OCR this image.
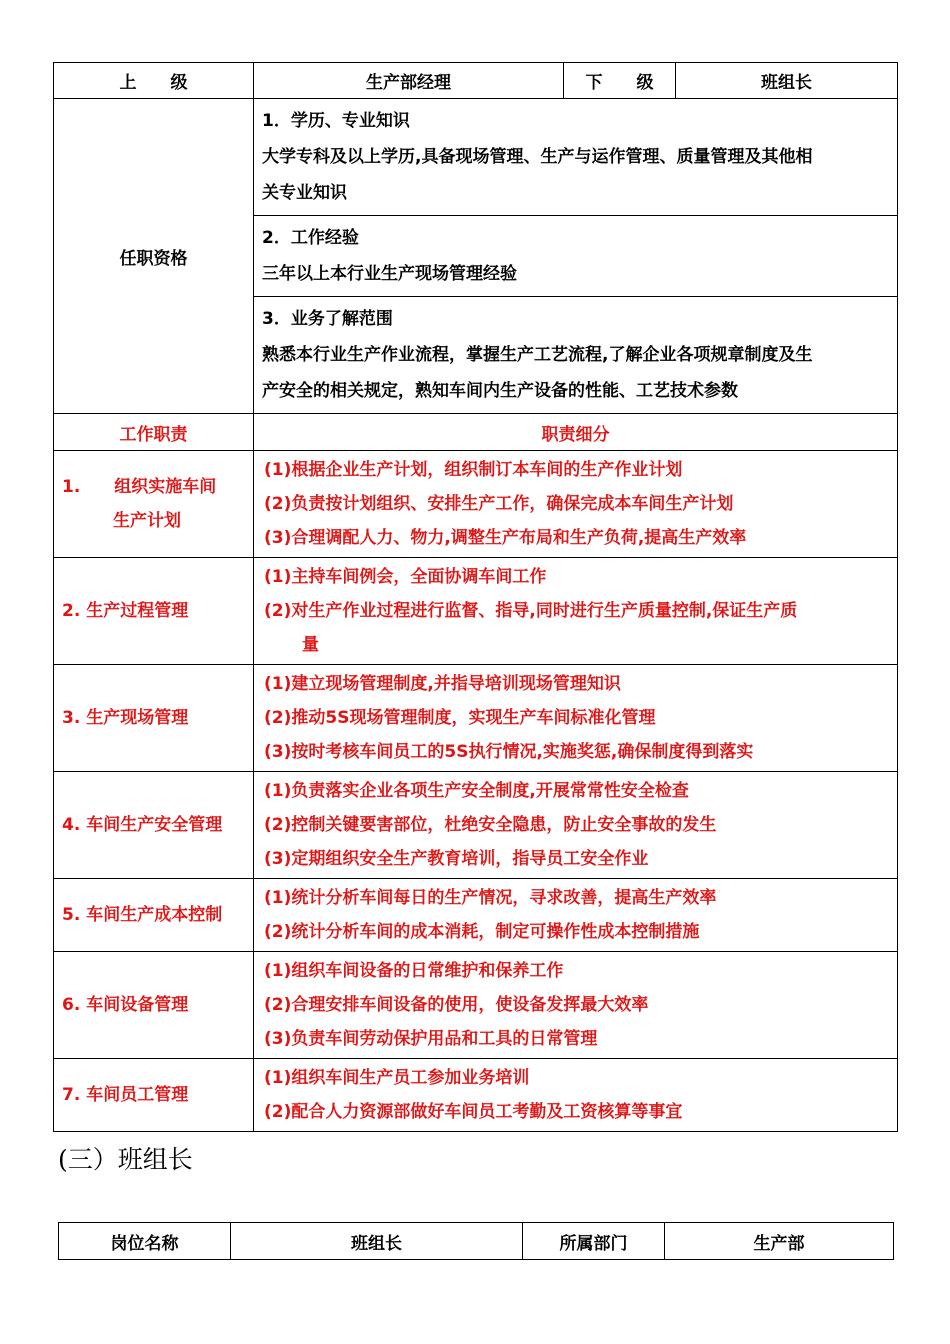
上　　级	生产部经理	下　　级	班组长
任职资格	1．学历、专业知识
大学专科及以上学历,具备现场管理、生产与运作管理、质量管理及其他相
关专业知识		

	2．工作经验
三年以上本行业生产现场管理经验		

	3．业务了解范围
熟悉本行业生产作业流程，掌握生产工艺流程,了解企业各项规章制度及生
产安全的相关规定，熟知车间内生产设备的性能、工艺技术参数		

工作职责	职责细分		

1.　　组织实施车间
　　　生产计划	(1)根据企业生产计划，组织制订本车间的生产作业计划
(2)负责按计划组织、安排生产工作，确保完成本车间生产计划
(3)合理调配人力、物力,调整生产布局和生产负荷,提高生产效率		

2. 生产过程管理	(1)主持车间例会，全面协调车间工作
(2)对生产作业过程进行监督、指导,同时进行生产质量控制,保证生产质
量		

3. 生产现场管理	(1)建立现场管理制度,并指导培训现场管理知识
(2)推动5S现场管理制度，实现生产车间标准化管理
(3)按时考核车间员工的5S执行情况,实施奖惩,确保制度得到落实		

4. 车间生产安全管理	(1)负责落实企业各项生产安全制度,开展常常性安全检查
(2)控制关键要害部位，杜绝安全隐患，防止安全事故的发生
(3)定期组织安全生产教育培训，指导员工安全作业		

5. 车间生产成本控制	(1)统计分析车间每日的生产情况，寻求改善，提高生产效率
(2)统计分析车间的成本消耗，制定可操作性成本控制措施		

6. 车间设备管理	(1)组织车间设备的日常维护和保养工作
(2)合理安排车间设备的使用，使设备发挥最大效率
(3)负责车间劳动保护用品和工具的日常管理		

7. 车间员工管理	(1)组织车间生产员工参加业务培训
(2)配合人力资源部做好车间员工考勤及工资核算等事宜		
(三）班组长
岗位名称	班组长	所属部门	生产部
